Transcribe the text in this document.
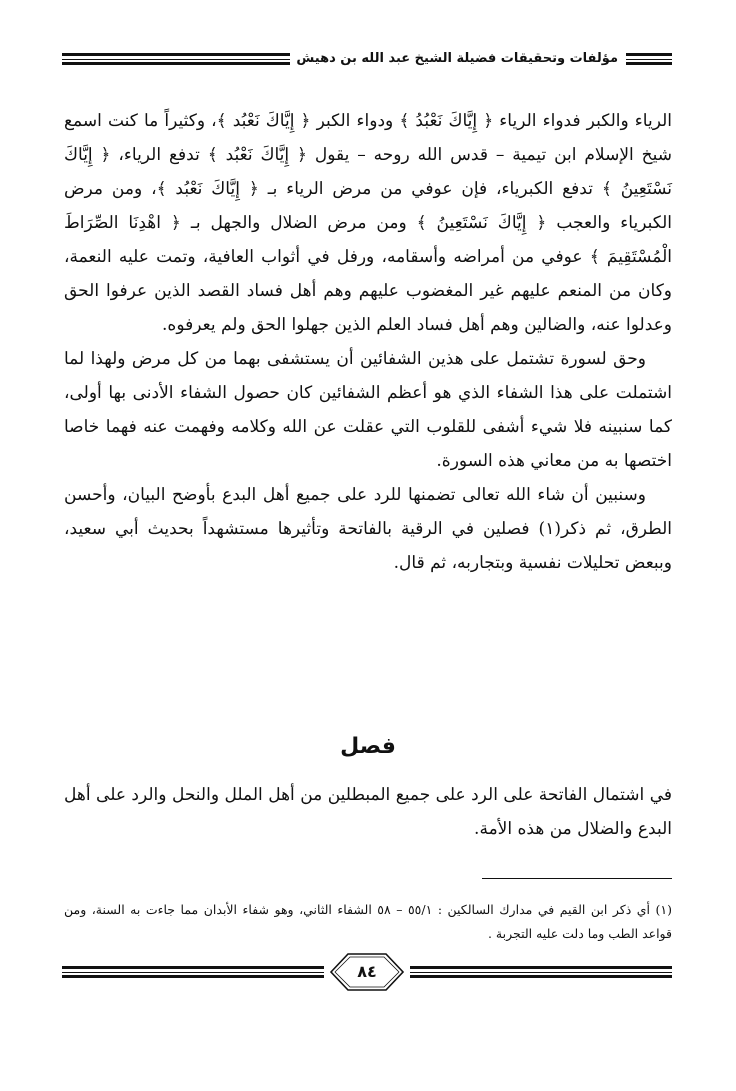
مؤلفات وتحقيقات فضيلة الشيخ عبد الله بن دهيش

الرياء والكبر فدواء الرياء ﴿ إِيَّاكَ نَعْبُدُ ﴾ ودواء الكبر ﴿ إِيَّاكَ نَعْبُد ﴾، وكثيراً ما كنت اسمع شيخ الإسلام ابن تيمية – قدس الله روحه – يقول ﴿ إِيَّاكَ نَعْبُد ﴾ تدفع الرياء، ﴿ إِيَّاكَ نَسْتَعِينُ ﴾ تدفع الكبرياء، فإن عوفي من مرض الرياء بـ ﴿ إِيَّاكَ نَعْبُد ﴾، ومن مرض الكبرياء والعجب ﴿ إِيَّاكَ نَسْتَعِينُ ﴾ ومن مرض الضلال والجهل بـ ﴿ اهْدِنَا الصِّرَاطَ الْمُسْتَقِيمَ ﴾ عوفي من أمراضه وأسقامه، ورفل في أثواب العافية، وتمت عليه النعمة، وكان من المنعم عليهم غير المغضوب عليهم وهم أهل فساد القصد الذين عرفوا الحق وعدلوا عنه، والضالين وهم أهل فساد العلم الذين جهلوا الحق ولم يعرفوه.

وحق لسورة تشتمل على هذين الشفائين أن يستشفى بهما من كل مرض ولهذا لما اشتملت على هذا الشفاء الذي هو أعظم الشفائين كان حصول الشفاء الأدنى بها أولى، كما سنبينه فلا شيء أشفى للقلوب التي عقلت عن الله وكلامه وفهمت عنه فهما خاصا اختصها به من معاني هذه السورة.

وسنبين أن شاء الله تعالى تضمنها للرد على جميع أهل البدع بأوضح البيان، وأحسن الطرق، ثم ذكر(١) فصلين في الرقية بالفاتحة وتأثيرها مستشهداً بحديث أبي سعيد، وببعض تحليلات نفسية وبتجاربه، ثم قال.

فصل
في اشتمال الفاتحة على الرد على جميع المبطلين من أهل الملل والنحل والرد على أهل البدع والضلال من هذه الأمة.
(١) أي ذكر ابن القيم في مدارك السالكين : ٥٥/١ – ٥٨ الشفاء الثاني، وهو شفاء الأبدان مما جاءت به السنة، ومن قواعد الطب وما دلت عليه التجربة .
٨٤
